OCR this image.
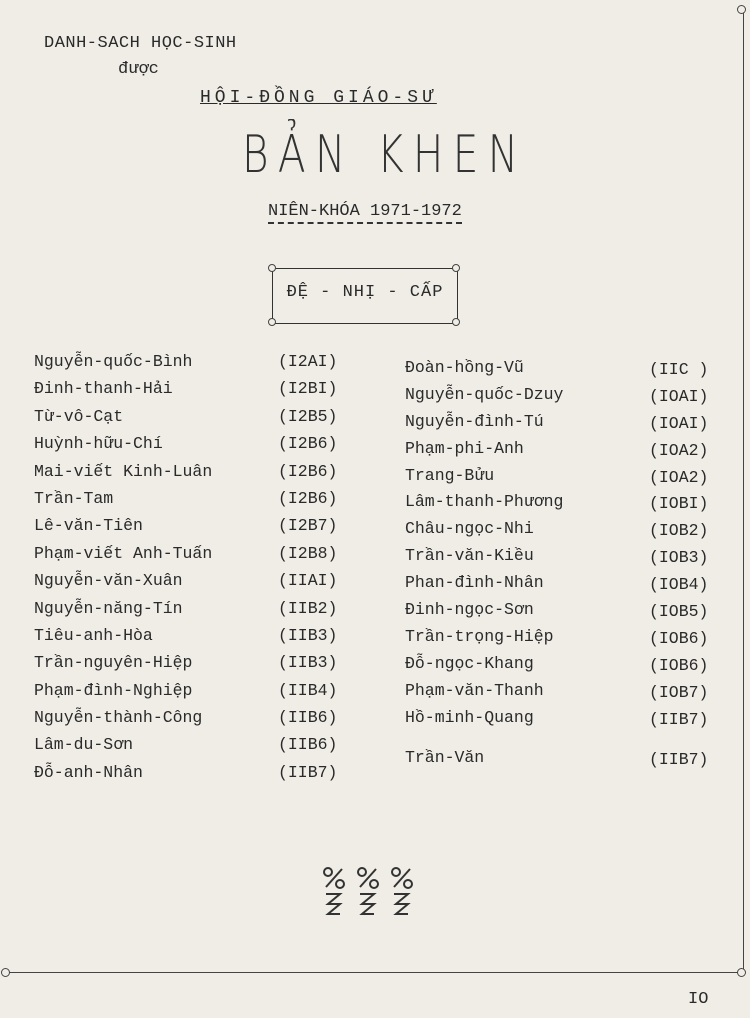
DANH-SACH HỌC-SINH
được
HỘI-ĐỒNG GIÁO-SƯ
BẢN KHEN
NIÊN-KHÓA 1971-1972
ĐỆ - NHỊ - CẤP
Nguyễn-quốc-Bình	(I2AI)
Đinh-thanh-Hải	(I2BI)
Từ-vô-Cạt	(I2B5)
Huỳnh-hữu-Chí	(I2B6)
Mai-viết Kinh-Luân	(I2B6)
Trần-Tam	(I2B6)
Lê-văn-Tiên	(I2B7)
Phạm-viết Anh-Tuấn	(I2B8)
Nguyễn-văn-Xuân	(IIAI)
Nguyễn-năng-Tín	(IIB2)
Tiêu-anh-Hòa	(IIB3)
Trần-nguyên-Hiệp	(IIB3)
Phạm-đình-Nghiệp	(IIB4)
Nguyễn-thành-Công	(IIB6)
Lâm-du-Sơn	(IIB6)
Đỗ-anh-Nhân	(IIB7)
Đoàn-hồng-Vũ	(IIC )
Nguyễn-quốc-Dzuy	(IOAI)
Nguyễn-đình-Tú	(IOAI)
Phạm-phi-Anh	(IOA2)
Trang-Bửu	(IOA2)
Lâm-thanh-Phương	(IOBI)
Châu-ngọc-Nhi	(IOB2)
Trần-văn-Kiều	(IOB3)
Phan-đình-Nhân	(IOB4)
Đinh-ngọc-Sơn	(IOB5)
Trần-trọng-Hiệp	(IOB6)
Đỗ-ngọc-Khang	(IOB6)
Phạm-văn-Thanh	(IOB7)
Hồ-minh-Quang	(IIB7)
Trần-Văn	(IIB7)
IO
